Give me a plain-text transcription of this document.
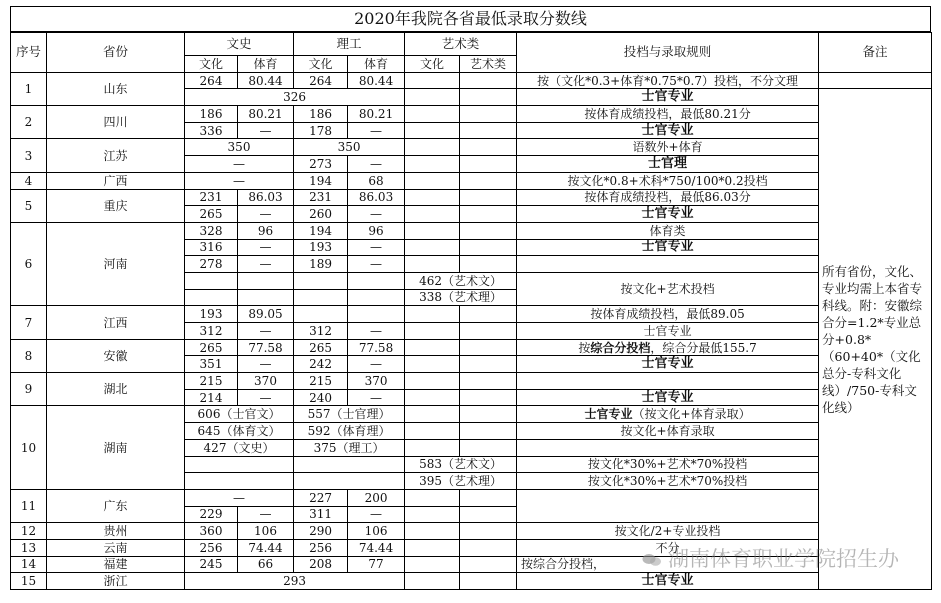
2020年我院各省最低录取分数线
序号	省份	文史		理工		艺术类		投档与录取规则	备注	
		文化	体育	文化	体育	文化	艺术类			
1	山东	264	80.44	264	80.44			按（文化*0.3+体育*0.75*0.7）投档，不分文理		
		326						士官专业	所有省份，文化、专业均需上本省专科线。附：安徽综合分=1.2*专业总分+0.8*（60+40*（文化总分-专科文化线）/750-专科文化线）	
2	四川	186	80.21	186	80.21			按体育成绩投档，最低80.21分		
		336	—	178	—			士官专业		
3	江苏	350		350				语数外+体育		
		—		273	—			士官理		
4	广西	—		194	68			按文化*0.8+术科*750/100*0.2投档		
5	重庆	231	86.03	231	86.03			按体育成绩投档，最低86.03分		
		265	—	260	—			士官专业		
6	河南	328	96	194	96			体育类		
		316	—	193	—			士官专业		
		278	—	189	—					
						462（艺术文）		按文化+艺术投档		
						338（艺术理）				
7	江西	193	89.05					按体育成绩投档，最低89.05		
		312	—	312	—			士官专业		
8	安徽	265	77.58	265	77.58			按综合分投档，综合分最低155.7		
		351	—	242	—			士官专业		
9	湖北	215	370	215	370					
		214	—	240	—			士官专业		
10	湖南	606（士官文）		557（士官理）				士官专业（按文化+体育录取）		
		645（体育文）		592（体育理）				按文化+体育录取		
		427（文史）		375（理工）						
						583（艺术文）		按文化*30%+艺术*70%投档		
						395（艺术理）		按文化*30%+艺术*70%投档		
11	广东	—		227	200					
		229	—	311	—					
12	贵州	360	106	290	106			按文化/2+专业投档		
13	云南	256	74.44	256	74.44			不分		
14	福建	245	66	208	77			按综合分投档，		
15	浙江	293						士官专业		
湖南体育职业学院招生办
